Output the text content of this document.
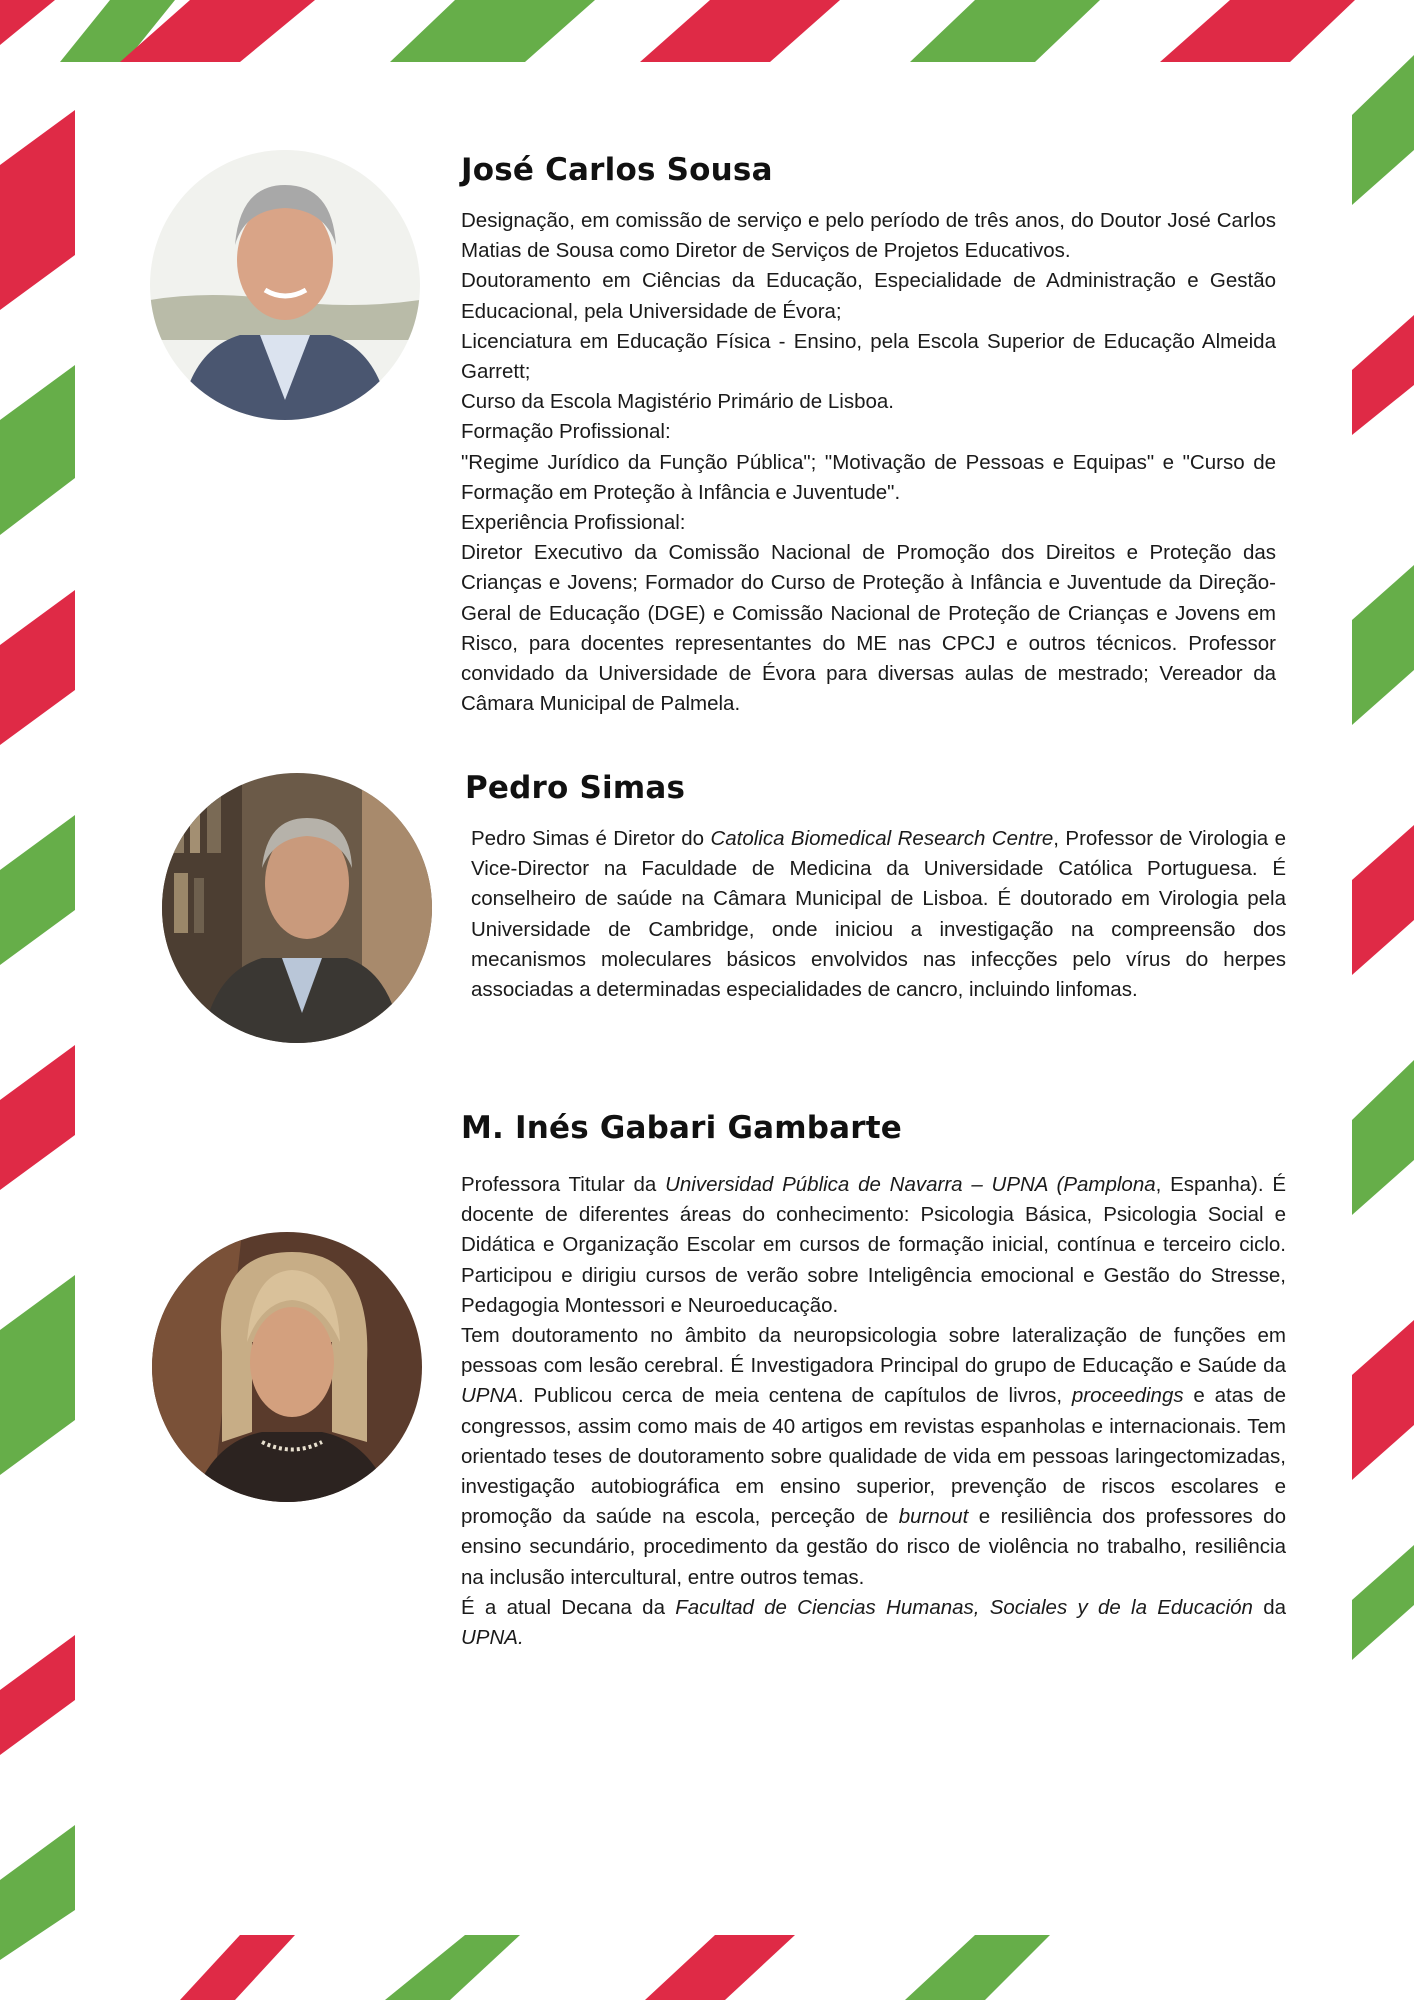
José Carlos Sousa

Designação, em comissão de serviço e pelo período de três anos, do Doutor José Carlos Matias de Sousa como Diretor de Serviços de Projetos Educativos.

Doutoramento em Ciências da Educação, Especialidade de Administração e Gestão Educacional, pela Universidade de Évora;

Licenciatura em Educação Física - Ensino, pela Escola Superior de Educação Almeida Garrett;

Curso da Escola Magistério Primário de Lisboa.

Formação Profissional:

"Regime Jurídico da Função Pública"; "Motivação de Pessoas e Equipas" e "Curso de Formação em Proteção à Infância e Juventude".

Experiência Profissional:

Diretor Executivo da Comissão Nacional de Promoção dos Direitos e Proteção das Crianças e Jovens; Formador do Curso de Proteção à Infância e Juventude da Direção-Geral de Educação (DGE) e Comissão Nacional de Proteção de Crianças e Jovens em Risco, para docentes representantes do ME nas CPCJ e outros técnicos. Professor convidado da Universidade de Évora para diversas aulas de mestrado; Vereador da Câmara Municipal de Palmela.

Pedro Simas

Pedro Simas é Diretor do Catolica Biomedical Research Centre, Professor de Virologia e Vice-Director na Faculdade de Medicina da Universidade Católica Portuguesa. É conselheiro de saúde na Câmara Municipal de Lisboa. É doutorado em Virologia pela Universidade de Cambridge, onde iniciou a investigação na compreensão dos mecanismos moleculares básicos envolvidos nas infecções pelo vírus do herpes associadas a determinadas especialidades de cancro, incluindo linfomas.

M. Inés Gabari Gambarte

Professora Titular da Universidad Pública de Navarra – UPNA (Pamplona, Espanha). É docente de diferentes áreas do conhecimento: Psicologia Básica, Psicologia Social e Didática e Organização Escolar em cursos de formação inicial, contínua e terceiro ciclo. Participou e dirigiu cursos de verão sobre Inteligência emocional e Gestão do Stresse, Pedagogia Montessori e Neuroeducação.

Tem doutoramento no âmbito da neuropsicologia sobre lateralização de funções em pessoas com lesão cerebral. É Investigadora Principal do grupo de Educação e Saúde da UPNA. Publicou cerca de meia centena de capítulos de livros, proceedings e atas de congressos, assim como mais de 40 artigos em revistas espanholas e internacionais. Tem orientado teses de doutoramento sobre qualidade de vida em pessoas laringectomizadas, investigação autobiográfica em ensino superior, prevenção de riscos escolares e promoção da saúde na escola, perceção de burnout e resiliência dos professores do ensino secundário, procedimento da gestão do risco de violência no trabalho, resiliência na inclusão intercultural, entre outros temas.

É a atual Decana da Facultad de Ciencias Humanas, Sociales y de la Educación da UPNA.
